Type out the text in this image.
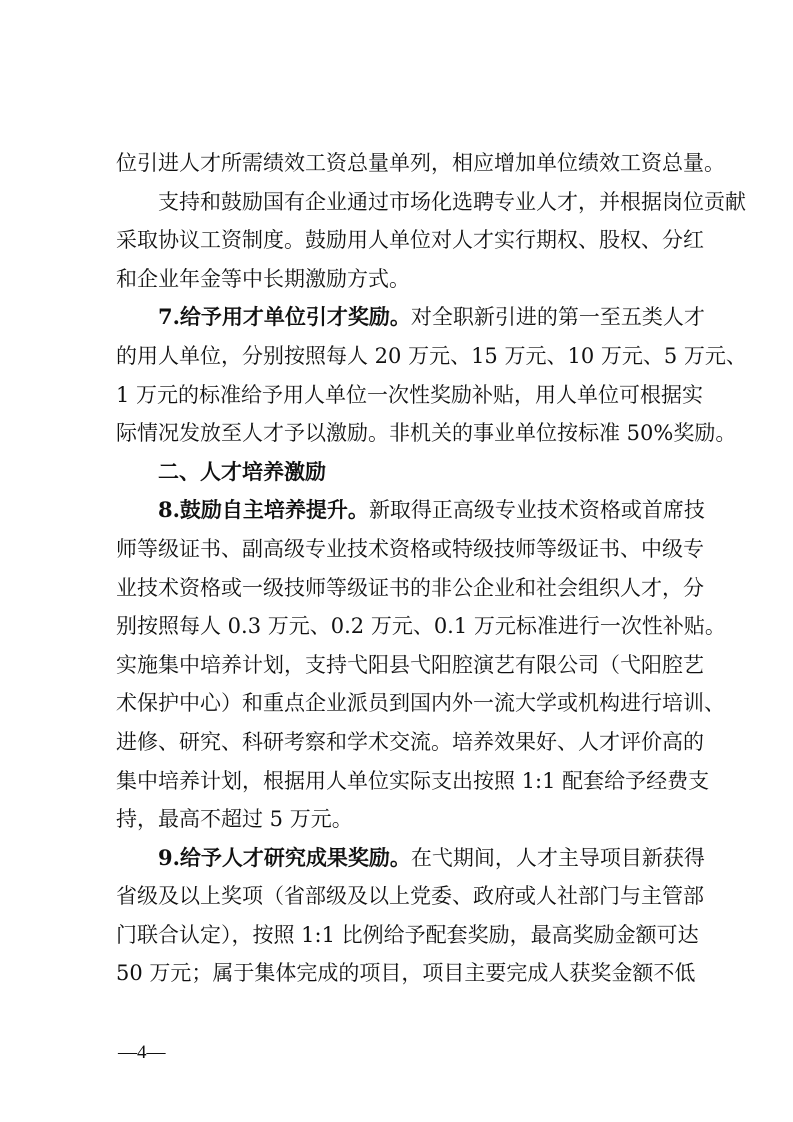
位引进人才所需绩效工资总量单列，相应增加单位绩效工资总量。
支持和鼓励国有企业通过市场化选聘专业人才，并根据岗位贡献
采取协议工资制度。鼓励用人单位对人才实行期权、股权、分红
和企业年金等中长期激励方式。
7.给予用才单位引才奖励。对全职新引进的第一至五类人才
的用人单位，分别按照每人 20 万元、15 万元、10 万元、5 万元、
1 万元的标准给予用人单位一次性奖励补贴，用人单位可根据实
际情况发放至人才予以激励。非机关的事业单位按标准 50%奖励。
二、人才培养激励
8.鼓励自主培养提升。新取得正高级专业技术资格或首席技
师等级证书、副高级专业技术资格或特级技师等级证书、中级专
业技术资格或一级技师等级证书的非公企业和社会组织人才，分
别按照每人 0.3 万元、0.2 万元、0.1 万元标准进行一次性补贴。
实施集中培养计划，支持弋阳县弋阳腔演艺有限公司（弋阳腔艺
术保护中心）和重点企业派员到国内外一流大学或机构进行培训、
进修、研究、科研考察和学术交流。培养效果好、人才评价高的
集中培养计划，根据用人单位实际支出按照 1:1 配套给予经费支
持，最高不超过 5 万元。
9.给予人才研究成果奖励。在弋期间，人才主导项目新获得
省级及以上奖项（省部级及以上党委、政府或人社部门与主管部
门联合认定），按照 1:1 比例给予配套奖励，最高奖励金额可达
50 万元；属于集体完成的项目，项目主要完成人获奖金额不低
—4—
